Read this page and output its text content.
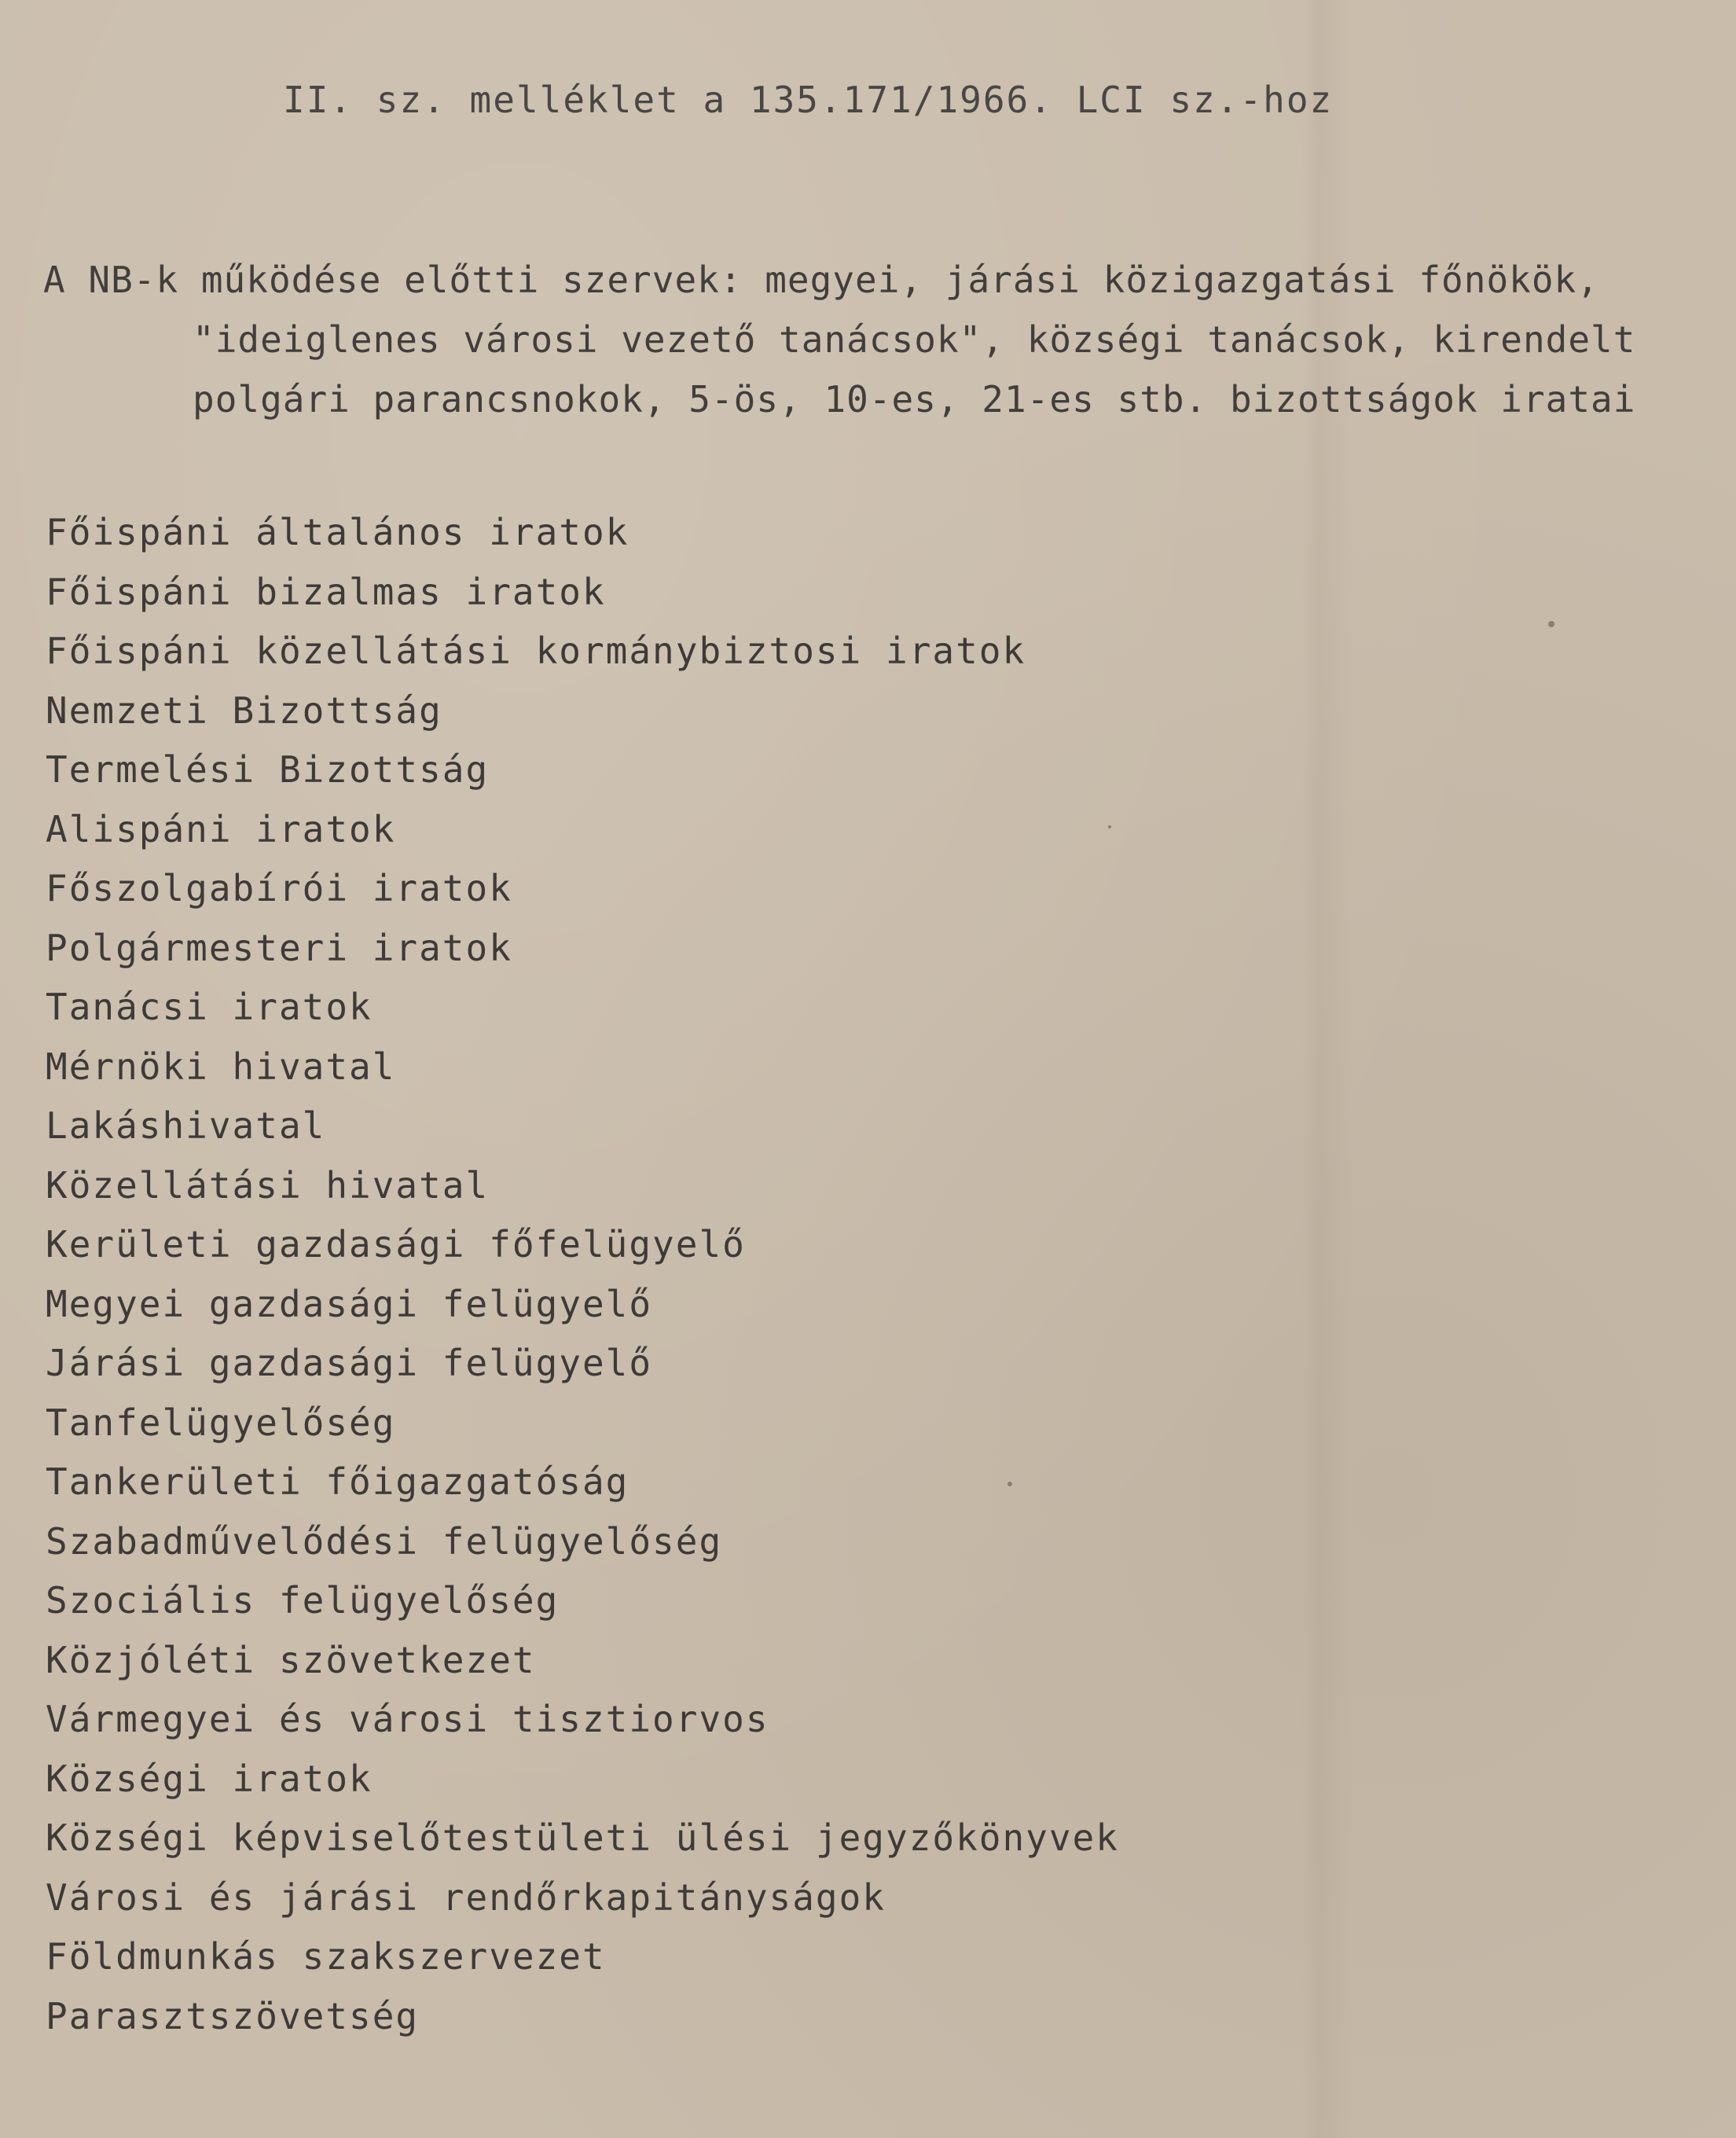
II. sz. melléklet a 135.171/1966. LCI sz.-hoz
A NB-k működése előtti szervek: megyei, járási közigazgatási főnökök, "ideiglenes városi vezető tanácsok", községi tanácsok, kirendelt polgári parancsnokok, 5-ös, 10-es, 21-es stb. bizottságok iratai
Főispáni általános iratok
Főispáni bizalmas iratok
Főispáni közellátási kormánybiztosi iratok
Nemzeti Bizottság
Termelési Bizottság
Alispáni iratok
Főszolgabírói iratok
Polgármesteri iratok
Tanácsi iratok
Mérnöki hivatal
Lakáshivatal
Közellátási hivatal
Kerületi gazdasági főfelügyelő
Megyei gazdasági felügyelő
Járási gazdasági felügyelő
Tanfelügyelőség
Tankerületi főigazgatóság
Szabadművelődési felügyelőség
Szociális felügyelőség
Közjóléti szövetkezet
Vármegyei és városi tisztiorvos
Községi iratok
Községi képviselőtestületi ülési jegyzőkönyvek
Városi és járási rendőrkapitányságok
Földmunkás szakszervezet
Parasztszövetség
